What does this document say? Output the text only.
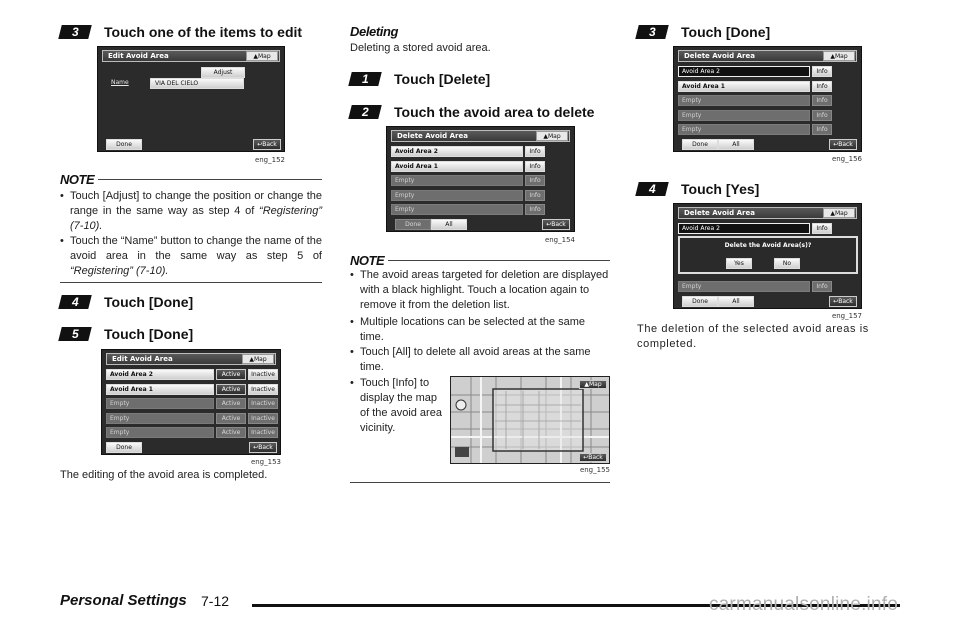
3 Touch one of the items to edit
Edit Avoid Area	▲ Map
Adjust
Name	VIA DEL CIELO
Done	↩ Back
eng_152
NOTE
• Touch [Adjust] to change the position or change the range in the same way as step 4 of “Registering” (7-10).
• Touch the “Name” button to change the name of the avoid area in the same way as step 5 of “Registering” (7-10).
4 Touch [Done]
5 Touch [Done]
Edit Avoid Area	▲ Map
Avoid Area 2	Active	Inactive
Avoid Area 1	Active	Inactive
Empty	Active	Inactive
Empty	Active	Inactive
Empty	Active	Inactive
Done	↩ Back
eng_153
The editing of the avoid area is completed.
Deleting
Deleting a stored avoid area.
1 Touch [Delete]
2 Touch the avoid area to delete
Delete Avoid Area	▲ Map
Avoid Area 2	Info
Avoid Area 1	Info
Empty	Info
Empty	Info
Empty	Info
Done	All	↩ Back
eng_154
NOTE
• The avoid areas targeted for deletion are displayed with a black highlight. Touch a location again to remove it from the deletion list.
• Multiple locations can be selected at the same time.
• Touch [All] to delete all avoid areas at the same time.
• Touch [Info] to display the map of the avoid area vicinity.
▲ Map
↩ Back
eng_155
3 Touch [Done]
Delete Avoid Area	▲ Map
Avoid Area 2	Info
Avoid Area 1	Info
Empty	Info
Empty	Info
Empty	Info
Done	All	↩ Back
eng_156
4 Touch [Yes]
Delete Avoid Area	▲ Map
Avoid Area 2	Info
Delete the Avoid Area(s)?
Yes	No
Empty	Info
Done	All	↩ Back
eng_157
The deletion of the selected avoid areas is completed.
Personal Settings 7-12	carmanualsonline.info
